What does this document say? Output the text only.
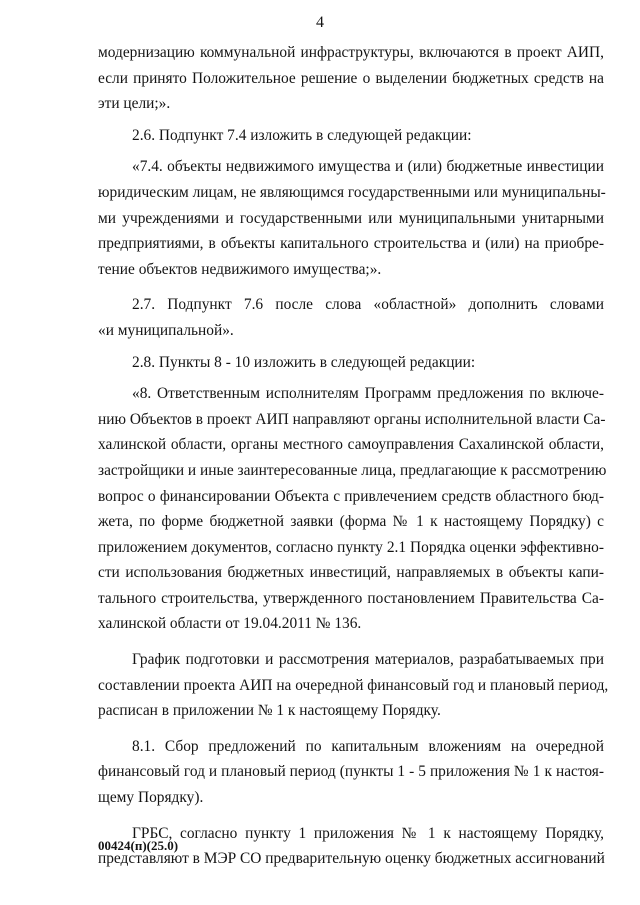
4

модернизацию коммунальной инфраструктуры, включаются в проект АИП,
если принято Положительное решение о выделении бюджетных средств на
эти цели;».

2.6. Подпункт 7.4 изложить в следующей редакции:

«7.4. объекты недвижимого имущества и (или) бюджетные инвестиции
юридическим лицам, не являющимся государственными или муниципальны-
ми учреждениями и государственными или муниципальными унитарными
предприятиями, в объекты капитального строительства и (или) на приобре-
тение объектов недвижимого имущества;».

2.7. Подпункт 7.6 после слова «областной» дополнить словами
«и муниципальной».

2.8. Пункты 8 - 10 изложить в следующей редакции:

«8. Ответственным исполнителям Программ предложения по включе-
нию Объектов в проект АИП направляют органы исполнительной власти Са-
халинской области, органы местного самоуправления Сахалинской области,
застройщики и иные заинтересованные лица, предлагающие к рассмотрению
вопрос о финансировании Объекта с привлечением средств областного бюд-
жета, по форме бюджетной заявки (форма № 1 к настоящему Порядку) с
приложением документов, согласно пункту 2.1 Порядка оценки эффективно-
сти использования бюджетных инвестиций, направляемых в объекты капи-
тального строительства, утвержденного постановлением Правительства Са-
халинской области от 19.04.2011 № 136.

График подготовки и рассмотрения материалов, разрабатываемых при
составлении проекта АИП на очередной финансовый год и плановый период,
расписан в приложении № 1 к настоящему Порядку.

8.1. Сбор предложений по капитальным вложениям на очередной
финансовый год и плановый период (пункты 1 - 5 приложения № 1 к настоя-
щему Порядку).

ГРБС, согласно пункту 1 приложения № 1 к настоящему Порядку,
представляют в МЭР СО предварительную оценку бюджетных ассигнований

00424(п)(25.0)
